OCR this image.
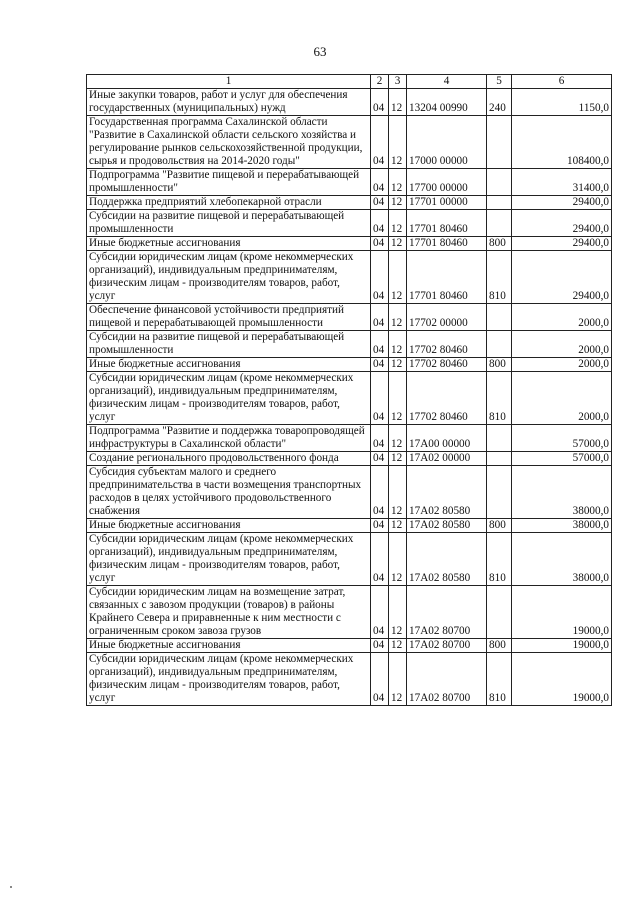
63
1	2	3	4	5	6
Иные закупки товаров, работ и услуг для обеспечения государственных (муниципальных) нужд	04	12	13204 00990	240	1150,0
Государственная программа Сахалинской области "Развитие в Сахалинской области сельского хозяйства и регулирование рынков сельскохозяйственной продукции, сырья и продовольствия на 2014-2020 годы"	04	12	17000 00000		108400,0
Подпрограмма "Развитие пищевой и перерабатывающей промышленности"	04	12	17700 00000		31400,0
Поддержка предприятий хлебопекарной отрасли	04	12	17701 00000		29400,0
Субсидии на развитие пищевой и перерабатывающей промышленности	04	12	17701 80460		29400,0
Иные бюджетные ассигнования	04	12	17701 80460	800	29400,0
Субсидии юридическим лицам (кроме некоммерческих организаций), индивидуальным предпринимателям, физическим лицам - производителям товаров, работ, услуг	04	12	17701 80460	810	29400,0
Обеспечение финансовой устойчивости предприятий пищевой и перерабатывающей промышленности	04	12	17702 00000		2000,0
Субсидии на развитие пищевой и перерабатывающей промышленности	04	12	17702 80460		2000,0
Иные бюджетные ассигнования	04	12	17702 80460	800	2000,0
Субсидии юридическим лицам (кроме некоммерческих организаций), индивидуальным предпринимателям, физическим лицам - производителям товаров, работ, услуг	04	12	17702 80460	810	2000,0
Подпрограмма "Развитие и поддержка товаропроводящей инфраструктуры в Сахалинской области"	04	12	17А00 00000		57000,0
Создание регионального продовольственного фонда	04	12	17А02 00000		57000,0
Субсидия субъектам малого и среднего предпринимательства в части возмещения транспортных расходов в целях устойчивого продовольственного снабжения	04	12	17А02 80580		38000,0
Иные бюджетные ассигнования	04	12	17А02 80580	800	38000,0
Субсидии юридическим лицам (кроме некоммерческих организаций), индивидуальным предпринимателям, физическим лицам - производителям товаров, работ, услуг	04	12	17А02 80580	810	38000,0
Субсидии юридическим лицам на возмещение затрат, связанных с завозом продукции (товаров) в районы Крайнего Севера и приравненные к ним местности с ограниченным сроком завоза грузов	04	12	17А02 80700		19000,0
Иные бюджетные ассигнования	04	12	17А02 80700	800	19000,0
Субсидии юридическим лицам (кроме некоммерческих организаций), индивидуальным предпринимателям, физическим лицам - производителям товаров, работ, услуг	04	12	17А02 80700	810	19000,0
